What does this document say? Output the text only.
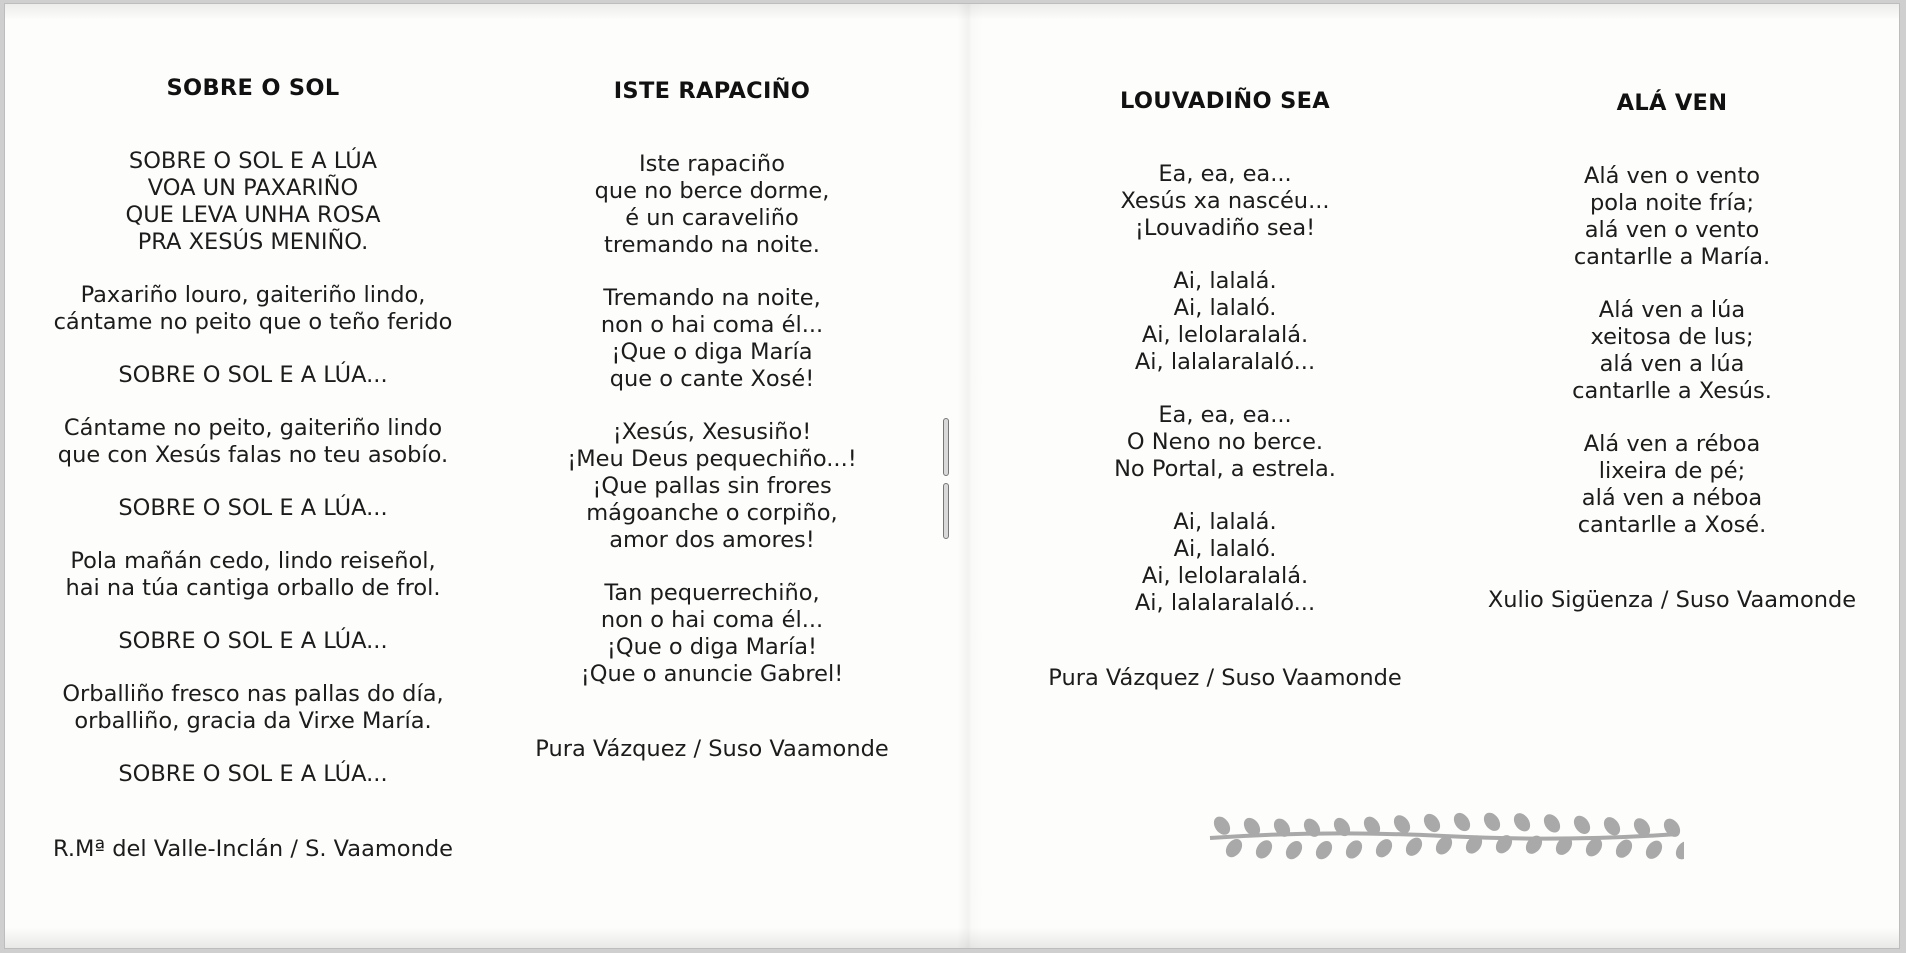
SOBRE O SOL
SOBRE O SOL E A LÚA
VOA UN PAXARIÑO
QUE LEVA UNHA ROSA
PRA XESÚS MENIÑO.
Paxariño louro, gaiteriño lindo,
cántame no peito que o teño ferido
SOBRE O SOL E A LÚA...
Cántame no peito, gaiteriño lindo
que con Xesús falas no teu asobío.
SOBRE O SOL E A LÚA...
Pola mañán cedo, lindo reiseñol,
hai na túa cantiga orballo de frol.
SOBRE O SOL E A LÚA...
Orballiño fresco nas pallas do día,
orballiño, gracia da Virxe María.
SOBRE O SOL E A LÚA...
R.Mª del Valle-Inclán / S. Vaamonde
ISTE RAPACIÑO
Iste rapaciño
que no berce dorme,
é un caraveliño
tremando na noite.
Tremando na noite,
non o hai coma él...
¡Que o diga María
que o cante Xosé!
¡Xesús, Xesusiño!
¡Meu Deus pequechiño...!
¡Que pallas sin frores
mágoanche o corpiño,
amor dos amores!
Tan pequerrechiño,
non o hai coma él...
¡Que o diga María!
¡Que o anuncie Gabrel!
Pura Vázquez / Suso Vaamonde
LOUVADIÑO SEA
Ea, ea, ea...
Xesús xa nascéu...
¡Louvadiño sea!
Ai, lalalá.
Ai, lalaló.
Ai, lelolaralalá.
Ai, lalalaralaló...
Ea, ea, ea...
O Neno no berce.
No Portal, a estrela.
Ai, lalalá.
Ai, lalaló.
Ai, lelolaralalá.
Ai, lalalaralaló...
Pura Vázquez / Suso Vaamonde
ALÁ VEN
Alá ven o vento
pola noite fría;
alá ven o vento
cantarlle a María.
Alá ven a lúa
xeitosa de lus;
alá ven a lúa
cantarlle a Xesús.
Alá ven a réboa
lixeira de pé;
alá ven a néboa
cantarlle a Xosé.
Xulio Sigüenza / Suso Vaamonde
